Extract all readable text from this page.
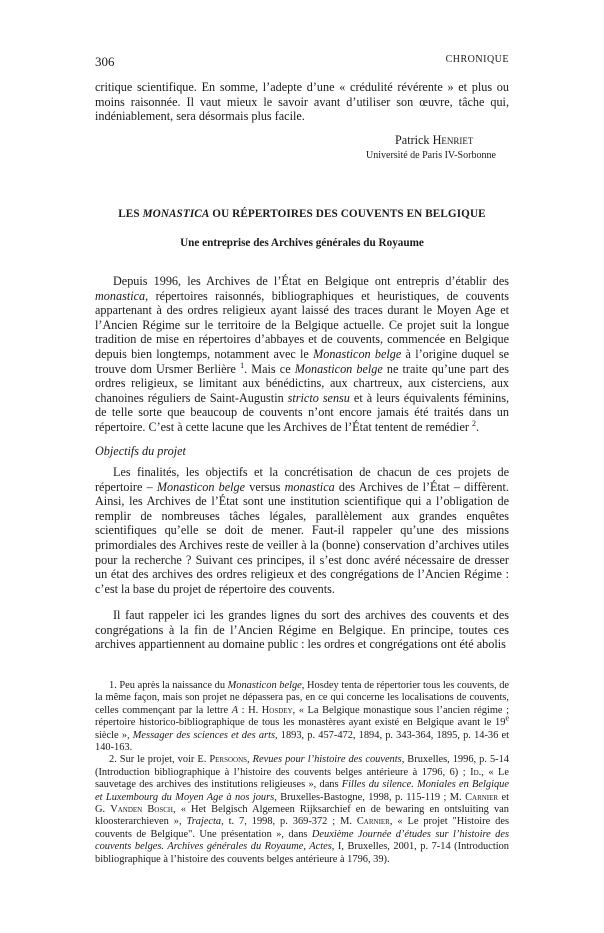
306	CHRONIQUE

critique scientifique. En somme, l’adepte d’une « crédulité révérente » et plus ou moins raisonnée. Il vaut mieux le savoir avant d’utiliser son œuvre, tâche qui, indéniablement, sera désormais plus facile.

Patrick Henriet
Université de Paris IV-Sorbonne
LES MONASTICA OU RÉPERTOIRES DES COUVENTS EN BELGIQUE
Une entreprise des Archives générales du Royaume

Depuis 1996, les Archives de l’État en Belgique ont entrepris d’établir des monastica, répertoires raisonnés, bibliographiques et heuristiques, de couvents appartenant à des ordres religieux ayant laissé des traces durant le Moyen Age et l’Ancien Régime sur le territoire de la Belgique actuelle. Ce projet suit la longue tradition de mise en répertoires d’abbayes et de couvents, commencée en Belgique depuis bien longtemps, notamment avec le Monasticon belge à l’origine duquel se trouve dom Ursmer Berlière $^1$. Mais ce Monasticon belge ne traite qu’une part des ordres religieux, se limitant aux bénédictins, aux chartreux, aux cisterciens, aux chanoines réguliers de Saint-Augustin stricto sensu et à leurs équivalents féminins, de telle sorte que beaucoup de couvents n’ont encore jamais été traités dans un répertoire. C’est à cette lacune que les Archives de l’État tentent de remédier $^2$.

Objectifs du projet

Les finalités, les objectifs et la concrétisation de chacun de ces projets de répertoire – Monasticon belge versus monastica des Archives de l’État – diffèrent. Ainsi, les Archives de l’État sont une institution scientifique qui a l’obligation de remplir de nombreuses tâches légales, parallèlement aux grandes enquêtes scientifiques qu’elle se doit de mener. Faut-il rappeler qu’une des missions primordiales des Archives reste de veiller à la (bonne) conservation d’archives utiles pour la recherche ? Suivant ces principes, il s’est donc avéré nécessaire de dresser un état des archives des ordres religieux et des congrégations de l’Ancien Régime : c’est la base du projet de répertoire des couvents.

Il faut rappeler ici les grandes lignes du sort des archives des couvents et des congrégations à la fin de l’Ancien Régime en Belgique. En principe, toutes ces archives appartiennent au domaine public : les ordres et congrégations ont été abolis

1. Peu après la naissance du Monasticon belge, Hosdey tenta de répertorier tous les couvents, de la même façon, mais son projet ne dépassera pas, en ce qui concerne les localisations de couvents, celles commençant par la lettre A : H. Hosdey, « La Belgique monastique sous l’ancien régime ; répertoire historico-bibliographique de tous les monastères ayant existé en Belgique avant le 19e siècle », Messager des sciences et des arts, 1893, p. 457-472, 1894, p. 343-364, 1895, p. 14-36 et 140-163.

2. Sur le projet, voir E. Persoons, Revues pour l’histoire des couvents, Bruxelles, 1996, p. 5-14 (Introduction bibliographique à l’histoire des couvents belges antérieure à 1796, 6) ; Id., « Le sauvetage des archives des institutions religieuses », dans Filles du silence. Moniales en Belgique et Luxembourg du Moyen Age à nos jours, Bruxelles-Bastogne, 1998, p. 115-119 ; M. Carnier et G. Vanden Bosch, « Het Belgisch Algemeen Rijksarchief en de bewaring en ontsluiting van kloosterarchieven », Trajecta, t. 7, 1998, p. 369-372 ; M. Carnier, « Le projet "Histoire des couvents de Belgique". Une présentation », dans Deuxième Journée d’études sur l’histoire des couvents belges. Archives générales du Royaume, Actes, I, Bruxelles, 2001, p. 7-14 (Introduction bibliographique à l’histoire des couvents belges antérieure à 1796, 39).
